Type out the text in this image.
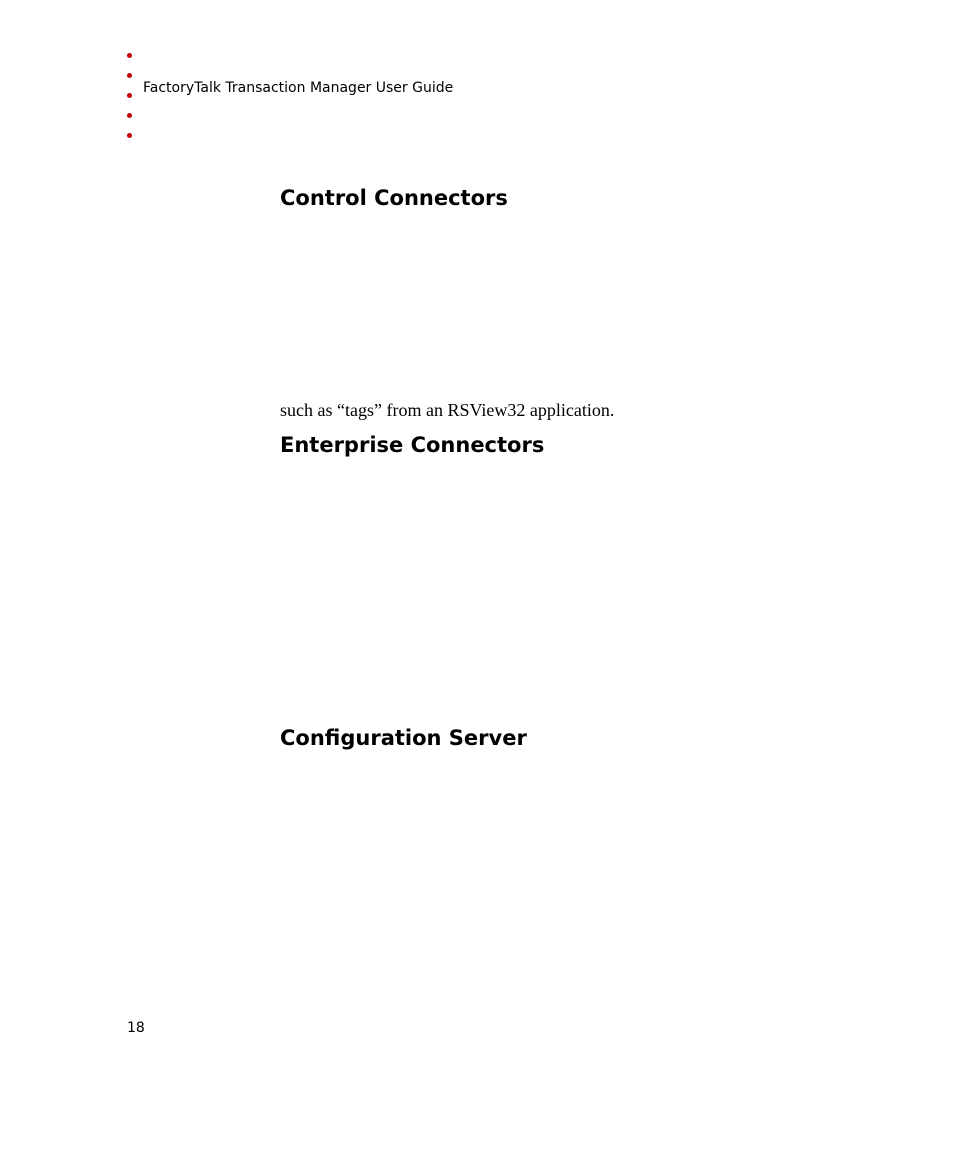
FactoryTalk Transaction Manager User Guide
Control Connectors

such as “tags” from an RSView32 application.

Enterprise Connectors
Configuration Server
18
